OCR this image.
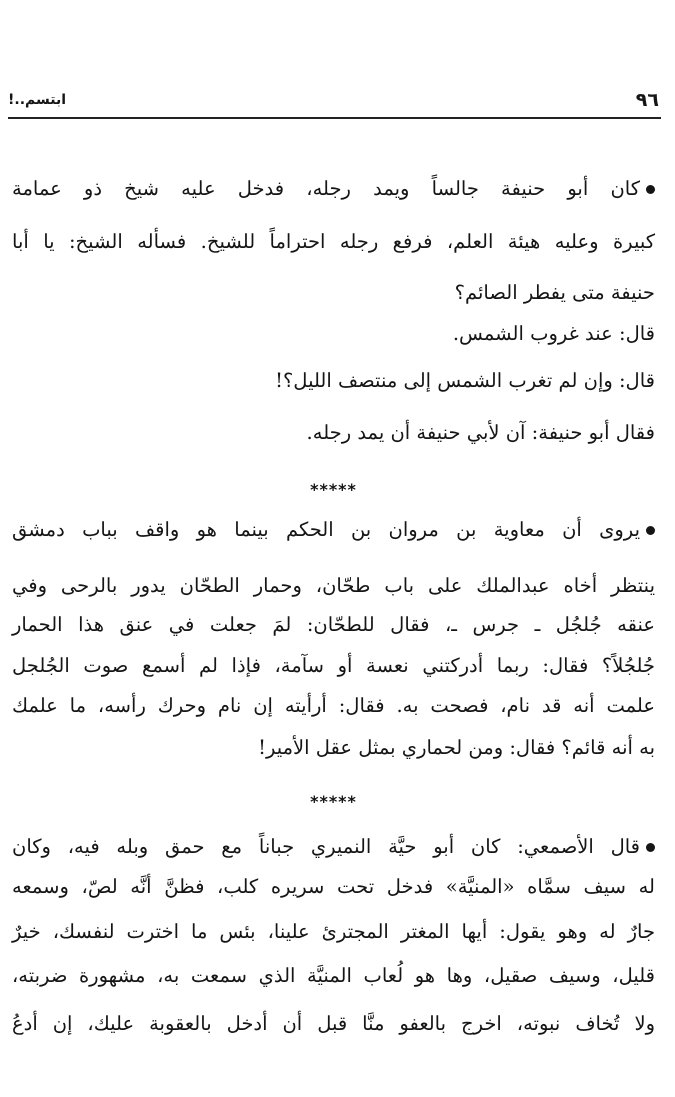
٩٦
ابتسم..!
كان أبو حنيفة جالساً ويمد رجله، فدخل عليه شيخ ذو عمامة
كبيرة وعليه هيئة العلم، فرفع رجله احتراماً للشيخ. فسأله الشيخ: يا أبا
حنيفة متى يفطر الصائم؟
قال: عند غروب الشمس.
قال: وإن لم تغرب الشمس إلى منتصف الليل؟!
فقال أبو حنيفة: آن لأبي حنيفة أن يمد رجله.
*****
يروى أن معاوية بن مروان بن الحكم بينما هو واقف بباب دمشق
ينتظر أخاه عبدالملك على باب طحّان، وحمار الطحّان يدور بالرحى وفي
عنقه جُلجُل ـ جرس ـ، فقال للطحّان: لمَ جعلت في عنق هذا الحمار
جُلجُلاً؟ فقال: ربما أدركتني نعسة أو سآمة، فإذا لم أسمع صوت الجُلجل
علمت أنه قد نام، فصحت به. فقال: أرأيته إن نام وحرك رأسه، ما علمك
به أنه قائم؟ فقال: ومن لحماري بمثل عقل الأمير!
*****
قال الأصمعي: كان أبو حيَّة النميري جباناً مع حمق وبله فيه، وكان
له سيف سمَّاه «المنيَّة» فدخل تحت سريره كلب، فظنَّ أنَّه لصّ، وسمعه
جارٌ له وهو يقول: أيها المغتر المجترئ علينا، بئس ما اخترت لنفسك، خيرٌ
قليل، وسيف صقيل، وها هو لُعاب المنيَّة الذي سمعت به، مشهورة ضربته،
ولا تُخاف نبوته، اخرج بالعفو منَّا قبل أن أدخل بالعقوبة عليك، إن أدعُ
